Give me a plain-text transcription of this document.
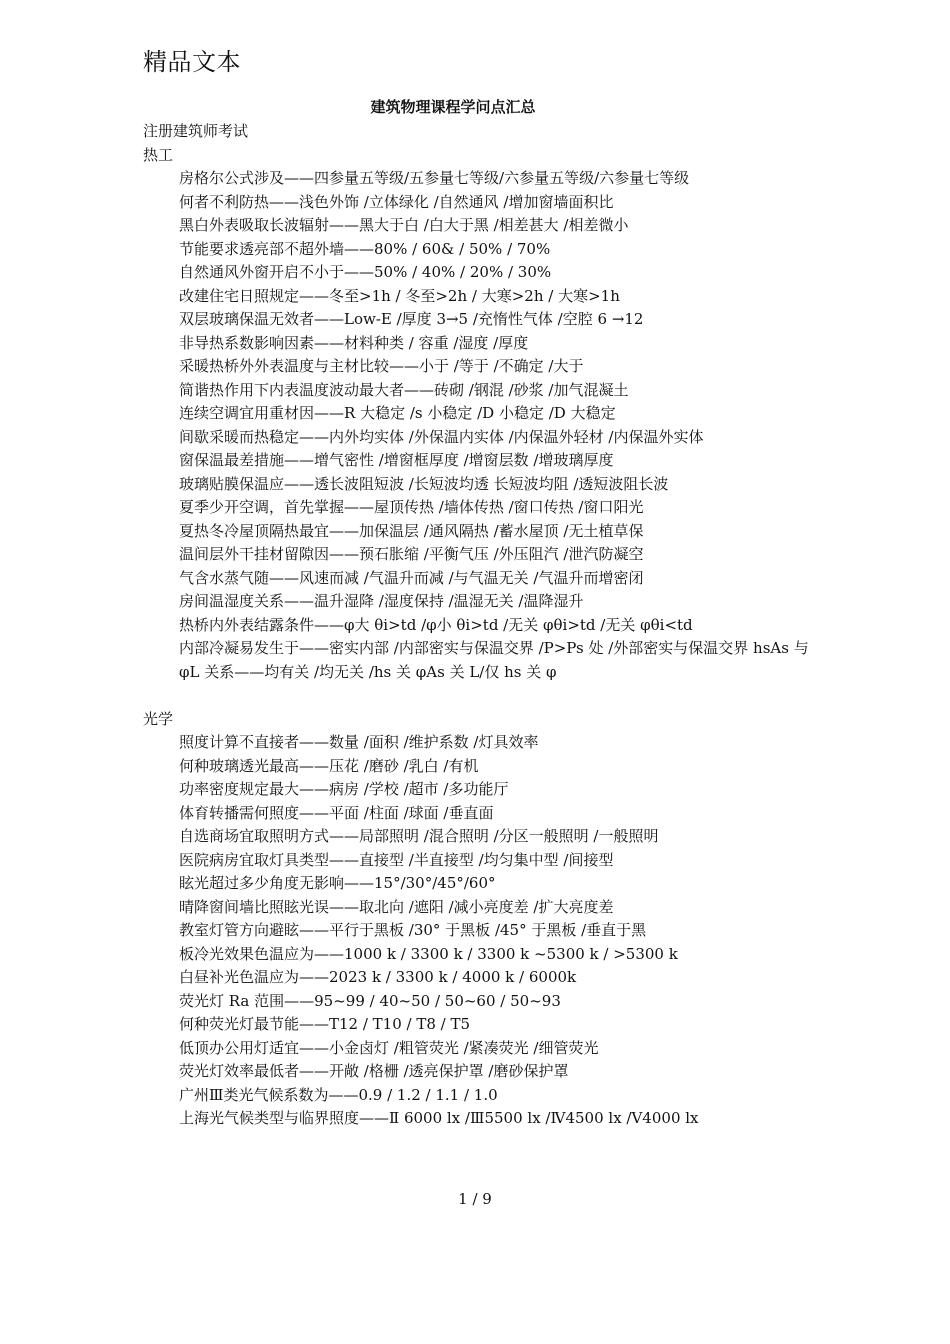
精品文本
建筑物理课程学问点汇总
注册建筑师考试
热工
房格尔公式涉及——四参量五等级/五参量七等级/六参量五等级/六参量七等级
何者不利防热——浅色外饰 /立体绿化 /自然通风 /增加窗墙面积比
黑白外表吸取长波辐射——黑大于白 /白大于黑 /相差甚大 /相差微小
节能要求透亮部不超外墙——80% / 60& / 50% / 70%
自然通风外窗开启不小于——50% / 40% / 20% / 30%
改建住宅日照规定——冬至>1h / 冬至>2h / 大寒>2h / 大寒>1h
双层玻璃保温无效者——Low-E /厚度 3→5 /充惰性气体 /空腔 6 →12
非导热系数影响因素——材料种类 / 容重 /湿度 /厚度
采暖热桥外外表温度与主材比较——小于 /等于 /不确定 /大于
简谐热作用下内表温度波动最大者——砖砌 /钢混 /砂浆 /加气混凝土
连续空调宜用重材因——R 大稳定 /s 小稳定 /D 小稳定 /D 大稳定
间歇采暖而热稳定——内外均实体 /外保温内实体 /内保温外轻材 /内保温外实体
窗保温最差措施——增气密性 /增窗框厚度 /增窗层数 /增玻璃厚度
玻璃贴膜保温应——透长波阻短波 /长短波均透 长短波均阻 /透短波阻长波
夏季少开空调，首先掌握——屋顶传热 /墙体传热 /窗口传热 /窗口阳光
夏热冬冷屋顶隔热最宜——加保温层 /通风隔热 /蓄水屋顶 /无土植草保
温间层外干挂材留隙因——预石胀缩 /平衡气压 /外压阻汽 /泄汽防凝空
气含水蒸气随——风速而减 /气温升而减 /与气温无关 /气温升而增密闭
房间温湿度关系——温升湿降 /湿度保持 /温湿无关 /温降湿升
热桥内外表结露条件——φ大 θi>td /φ小 θi>td /无关 φθi>td /无关 φθi<td
内部冷凝易发生于——密实内部 /内部密实与保温交界 /P>Ps 处 /外部密实与保温交界 hsAs 与 φL 关系——均有关 /均无关 /hs 关 φAs 关 L/仅 hs 关 φ
光学
照度计算不直接者——数量 /面积 /维护系数 /灯具效率
何种玻璃透光最高——压花 /磨砂 /乳白 /有机
功率密度规定最大——病房 /学校 /超市 /多功能厅
体育转播需何照度——平面 /柱面 /球面 /垂直面
自选商场宜取照明方式——局部照明 /混合照明 /分区一般照明 /一般照明
医院病房宜取灯具类型——直接型 /半直接型 /均匀集中型 /间接型
眩光超过多少角度无影响——15°/30°/45°/60°
晴降窗间墙比照眩光误——取北向 /遮阳 /减小亮度差 /扩大亮度差
教室灯管方向避眩——平行于黑板 /30° 于黑板 /45° 于黑板 /垂直于黑
板冷光效果色温应为——1000 k / 3300 k / 3300 k ~5300 k / >5300 k
白昼补光色温应为——2023 k / 3300 k / 4000 k / 6000k
荧光灯 Ra 范围——95~99 / 40~50 / 50~60 / 50~93
何种荧光灯最节能——T12 / T10 / T8 / T5
低顶办公用灯适宜——小金卤灯 /粗管荧光 /紧凑荧光 /细管荧光
荧光灯效率最低者——开敞 /格栅 /透亮保护罩 /磨砂保护罩
广州Ⅲ类光气候系数为——0.9 / 1.2 / 1.1 / 1.0
上海光气候类型与临界照度——Ⅱ 6000 lx /Ⅲ5500 lx /Ⅳ4500 lx /Ⅴ4000 lx
1 / 9
